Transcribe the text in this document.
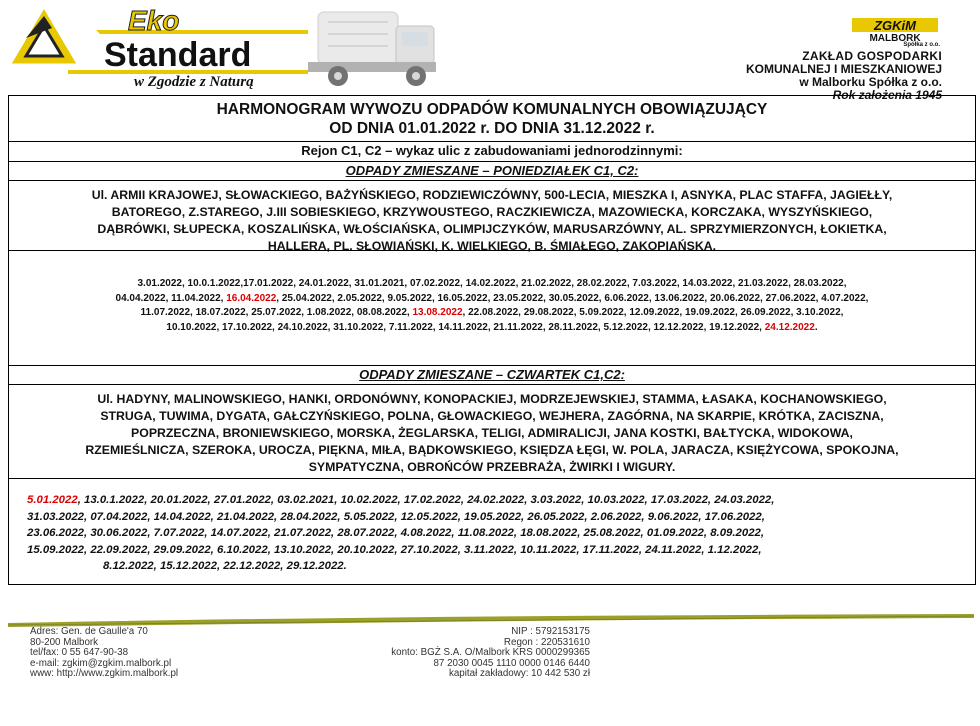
Eko
Standard
w Zgodzie z Naturą
ZGKiM
MALBORK
Spółka z o.o.
ZAKŁAD GOSPODARKI
KOMUNALNEJ I MIESZKANIOWEJ
w Malborku Spółka z o.o.
Rok założenia 1945
HARMONOGRAM WYWOZU ODPADÓW KOMUNALNYCH OBOWIĄZUJĄCY
OD DNIA 01.01.2022 r. DO DNIA 31.12.2022 r.
Rejon C1, C2 – wykaz ulic z zabudowaniami jednorodzinnymi:
ODPADY ZMIESZANE – PONIEDZIAŁEK C1, C2:
Ul. ARMII KRAJOWEJ, SŁOWACKIEGO, BAŻYŃSKIEGO, RODZIEWICZÓWNY, 500-LECIA, MIESZKA I, ASNYKA, PLAC STAFFA, JAGIEŁŁY,
BATOREGO, Z.STAREGO, J.III SOBIESKIEGO, KRZYWOUSTEGO, RACZKIEWICZA, MAZOWIECKA, KORCZAKA, WYSZYŃSKIEGO,
DĄBRÓWKI, SŁUPECKA, KOSZALIŃSKA, WŁOŚCIAŃSKA, OLIMPIJCZYKÓW, MARUSARZÓWNY, AL. SPRZYMIERZONYCH, ŁOKIETKA,
HALLERA, PL. SŁOWIAŃSKI, K. WIELKIEGO, B. ŚMIAŁEGO, ZAKOPIAŃSKA.
3.01.2022, 10.0.1.2022,17.01.2022, 24.01.2022, 31.01.2021, 07.02.2022, 14.02.2022, 21.02.2022, 28.02.2022, 7.03.2022, 14.03.2022, 21.03.2022, 28.03.2022,
04.04.2022, 11.04.2022, 16.04.2022, 25.04.2022, 2.05.2022, 9.05.2022, 16.05.2022, 23.05.2022, 30.05.2022, 6.06.2022, 13.06.2022, 20.06.2022, 27.06.2022, 4.07.2022,
11.07.2022, 18.07.2022, 25.07.2022, 1.08.2022, 08.08.2022, 13.08.2022, 22.08.2022, 29.08.2022, 5.09.2022, 12.09.2022, 19.09.2022, 26.09.2022, 3.10.2022,
10.10.2022, 17.10.2022, 24.10.2022, 31.10.2022, 7.11.2022, 14.11.2022, 21.11.2022, 28.11.2022, 5.12.2022, 12.12.2022, 19.12.2022, 24.12.2022.
ODPADY ZMIESZANE – CZWARTEK C1,C2:
Ul. HADYNY, MALINOWSKIEGO, HANKI, ORDONÓWNY, KONOPACKIEJ, MODRZEJEWSKIEJ, STAMMA, ŁASAKA, KOCHANOWSKIEGO,
STRUGA, TUWIMA, DYGATA, GAŁCZYŃSKIEGO, POLNA, GŁOWACKIEGO, WEJHERA, ZAGÓRNA, NA SKARPIE, KRÓTKA, ZACISZNA,
POPRZECZNA, BRONIEWSKIEGO, MORSKA, ŻEGLARSKA, TELIGI, ADMIRALICJI, JANA KOSTKI, BAŁTYCKA, WIDOKOWA,
RZEMIEŚLNICZA, SZEROKA, UROCZA, PIĘKNA, MIŁA, BĄDKOWSKIEGO, KSIĘDZA ŁĘGI, W. POLA, JARACZA, KSIĘŻYCOWA, SPOKOJNA,
SYMPATYCZNA, OBROŃCÓW PRZEBRAŻA, ŻWIRKI I WIGURY.
5.01.2022, 13.0.1.2022, 20.01.2022, 27.01.2022, 03.02.2021, 10.02.2022, 17.02.2022, 24.02.2022, 3.03.2022, 10.03.2022, 17.03.2022, 24.03.2022,
31.03.2022, 07.04.2022, 14.04.2022, 21.04.2022, 28.04.2022, 5.05.2022, 12.05.2022, 19.05.2022, 26.05.2022, 2.06.2022, 9.06.2022, 17.06.2022,
23.06.2022, 30.06.2022, 7.07.2022, 14.07.2022, 21.07.2022, 28.07.2022, 4.08.2022, 11.08.2022, 18.08.2022, 25.08.2022, 01.09.2022, 8.09.2022,
15.09.2022, 22.09.2022, 29.09.2022, 6.10.2022, 13.10.2022, 20.10.2022, 27.10.2022, 3.11.2022, 10.11.2022, 17.11.2022, 24.11.2022, 1.12.2022,
8.12.2022, 15.12.2022, 22.12.2022, 29.12.2022.
Adres: Gen. de Gaulle'a 70
80-200 Malbork
tel/fax: 0 55 647-90-38
e-mail: zgkim@zgkim.malbork.pl
www: http://www.zgkim.malbork.pl
NIP : 5792153175
Regon : 220531610
konto: BGŻ S.A. O/Malbork KRS 0000299365
87 2030 0045 1110 0000 0146 6440
kapitał zakładowy: 10 442 530 zł
